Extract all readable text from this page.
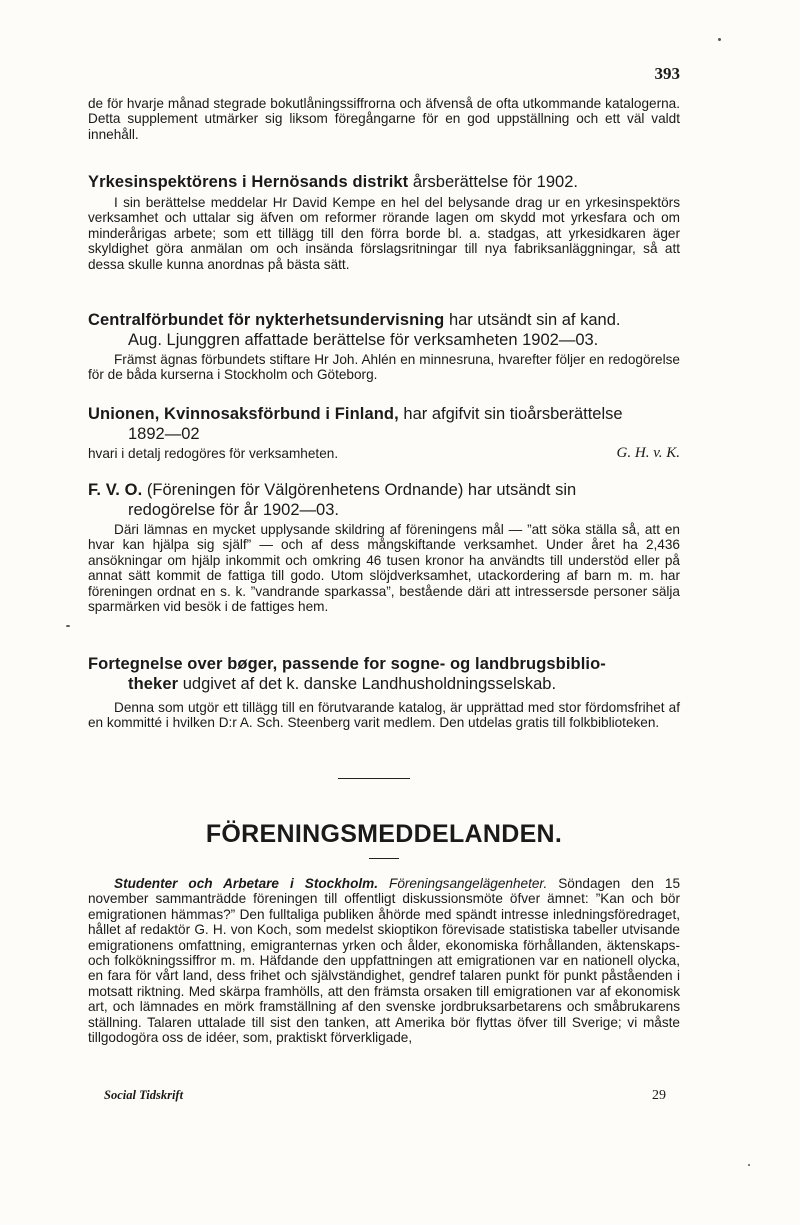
393

de för hvarje månad stegrade bokutlåningssiffrorna och äfvenså de ofta utkommande katalogerna. Detta supplement utmärker sig liksom föregångarne för en god uppställning och ett väl valdt innehåll.

Yrkesinspektörens i Hernösands distrikt årsberättelse för 1902.

I sin berättelse meddelar Hr David Kempe en hel del belysande drag ur en yrkesinspektörs verksamhet och uttalar sig äfven om reformer rörande lagen om skydd mot yrkesfara och om minderårigas arbete; som ett tillägg till den förra borde bl. a. stadgas, att yrkesidkaren äger skyldighet göra anmälan om och insända förslagsritningar till nya fabriksanläggningar, så att dessa skulle kunna anordnas på bästa sätt.

Centralförbundet för nykterhetsundervisning har utsändt sin af kand.

Aug. Ljunggren affattade berättelse för verksamheten 1902—03.

Främst ägnas förbundets stiftare Hr Joh. Ahlén en minnesruna, hvarefter följer en redogörelse för de båda kurserna i Stockholm och Göteborg.

Unionen, Kvinnosaksförbund i Finland, har afgifvit sin tioårsberättelse

1892—02

G. H. v. K.
hvari i detalj redogöres för verksamheten.

F. V. O. (Föreningen för Välgörenhetens Ordnande) har utsändt sin

redogörelse för år 1902—03.

Däri lämnas en mycket upplysande skildring af föreningens mål — ”att söka ställa så, att en hvar kan hjälpa sig själf” — och af dess mångskiftande verksamhet. Under året ha 2,436 ansökningar om hjälp inkommit och omkring 46 tusen kronor ha användts till understöd eller på annat sätt kommit de fattiga till godo. Utom slöjdverksamhet, utackordering af barn m. m. har föreningen ordnat en s. k. ”vandrande sparkassa”, bestående däri att intressersde personer sälja sparmärken vid besök i de fattiges hem.

Fortegnelse over bøger, passende for sogne- og landbrugsbiblio-

theker udgivet af det k. danske Landhusholdningsselskab.

Denna som utgör ett tillägg till en förutvarande katalog, är upprättad med stor fördomsfrihet af en kommitté i hvilken D:r A. Sch. Steenberg varit medlem. Den utdelas gratis till folkbiblioteken.

FÖRENINGSMEDDELANDEN.

Studenter och Arbetare i Stockholm. Föreningsangelägenheter. Söndagen den 15 november sammanträdde föreningen till offentligt diskussionsmöte öfver ämnet: ”Kan och bör emigrationen hämmas?” Den fulltaliga publiken åhörde med spändt intresse inledningsföredraget, hållet af redaktör G. H. von Koch, som medelst skioptikon förevisade statistiska tabeller utvisande emigrationens omfattning, emigranternas yrken och ålder, ekonomiska förhållanden, äktenskaps- och folkökningssiffror m. m. Häfdande den uppfattningen att emigrationen var en nationell olycka, en fara för vårt land, dess frihet och självständighet, gendref talaren punkt för punkt påståenden i motsatt riktning. Med skärpa framhölls, att den främsta orsaken till emigrationen var af ekonomisk art, och lämnades en mörk framställning af den svenske jordbruksarbetarens och småbrukarens ställning. Talaren uttalade till sist den tanken, att Amerika bör flyttas öfver till Sverige; vi måste tillgodogöra oss de idéer, som, praktiskt förverkligade,

29
Social Tidskrift
